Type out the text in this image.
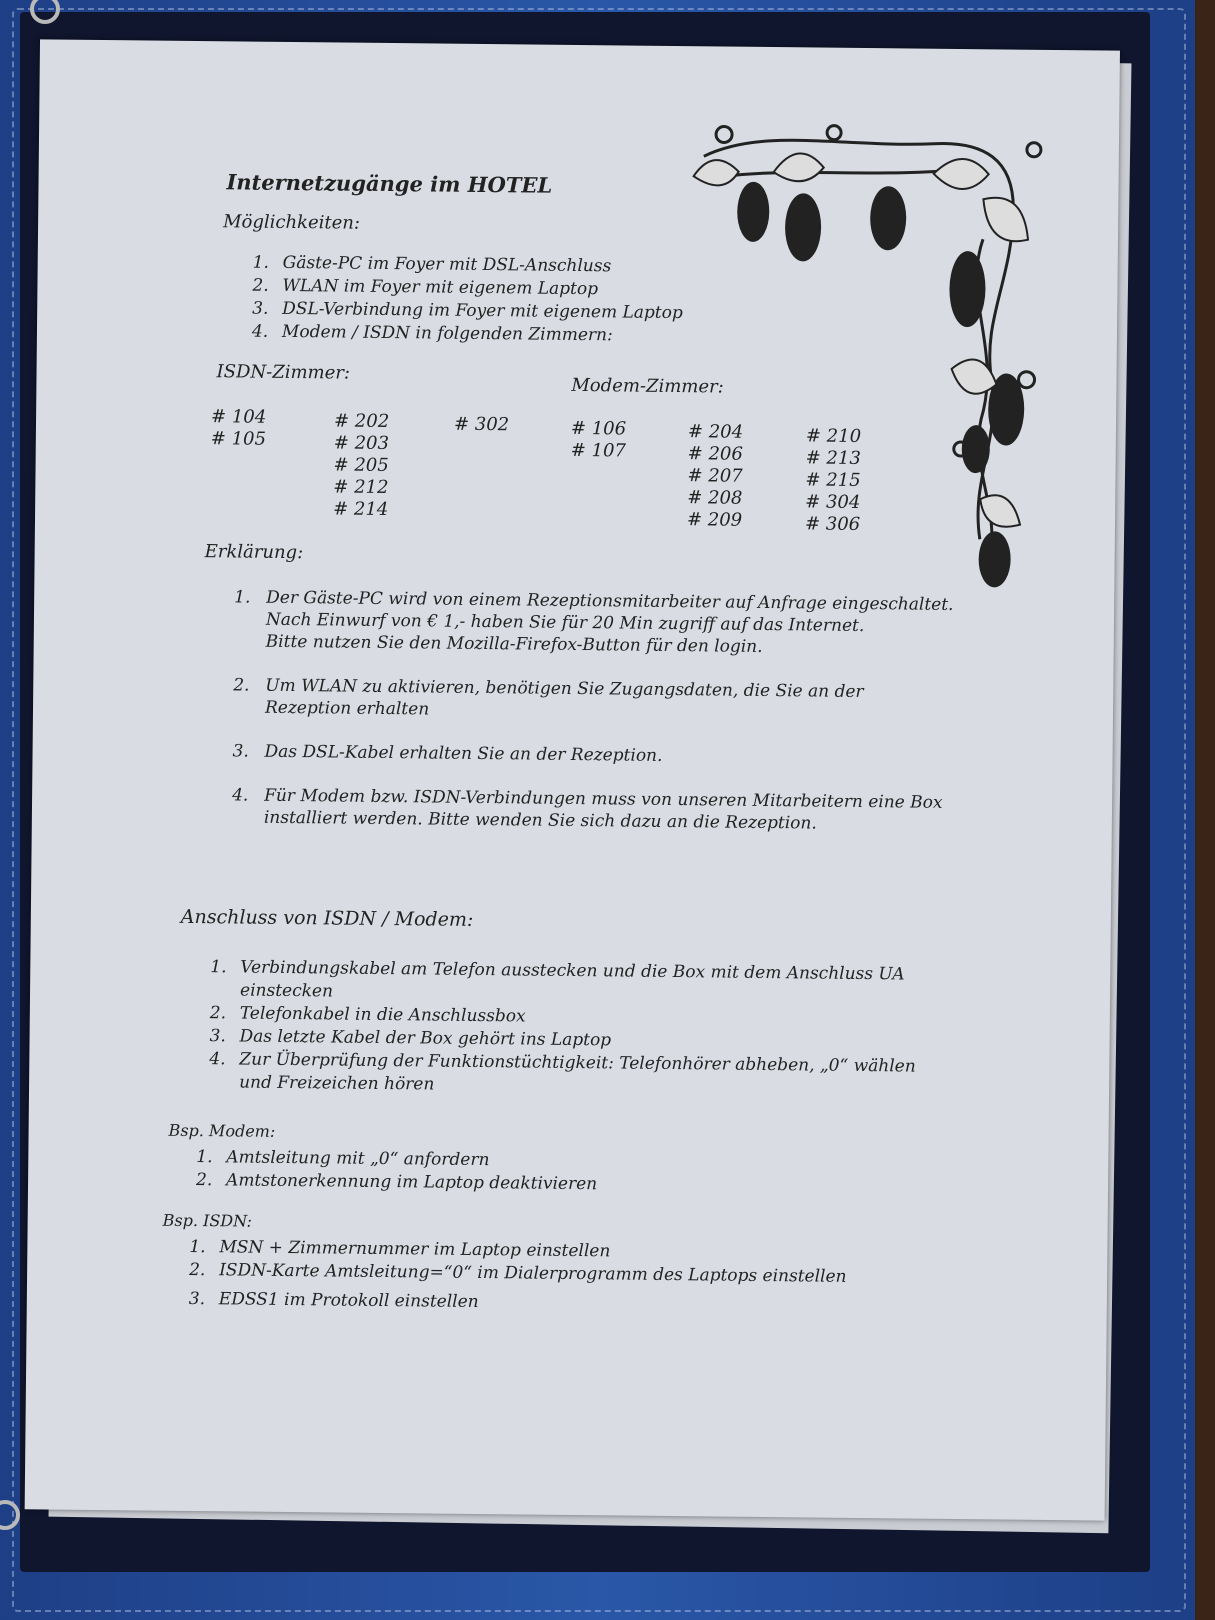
Internetzugänge im HOTEL
Möglichkeiten:
1. Gäste-PC im Foyer mit DSL-Anschluss
2. WLAN im Foyer mit eigenem Laptop
3. DSL-Verbindung im Foyer mit eigenem Laptop
4. Modem / ISDN in folgenden Zimmern:
ISDN-Zimmer:
Modem-Zimmer:
# 104
# 105
# 202
# 203
# 205
# 212
# 214
# 302	# 106
# 107
# 204
# 206
# 207
# 208
# 209
# 210
# 213
# 215
# 304
# 306
Erklärung:
1. Der Gäste-PC wird von einem Rezeptionsmitarbeiter auf Anfrage eingeschaltet. Nach Einwurf von € 1,- haben Sie für 20 Min zugriff auf das Internet.
Bitte nutzen Sie den Mozilla-Firefox-Button für den login.
2. Um WLAN zu aktivieren, benötigen Sie Zugangsdaten, die Sie an der Rezeption erhalten
3. Das DSL-Kabel erhalten Sie an der Rezeption.
4. Für Modem bzw. ISDN-Verbindungen muss von unseren Mitarbeitern eine Box installiert werden. Bitte wenden Sie sich dazu an die Rezeption.
Anschluss von ISDN / Modem:
1. Verbindungskabel am Telefon ausstecken und die Box mit dem Anschluss UA einstecken
2. Telefonkabel in die Anschlussbox
3. Das letzte Kabel der Box gehört ins Laptop
4. Zur Überprüfung der Funktionstüchtigkeit: Telefonhörer abheben, „0“ wählen und Freizeichen hören
Bsp. Modem:
1. Amtsleitung mit „0“ anfordern
2. Amtstonerkennung im Laptop deaktivieren
Bsp. ISDN:
1. MSN + Zimmernummer im Laptop einstellen
2. ISDN-Karte Amtsleitung=“0“ im Dialerprogramm des Laptops einstellen
3. EDSS1 im Protokoll einstellen
